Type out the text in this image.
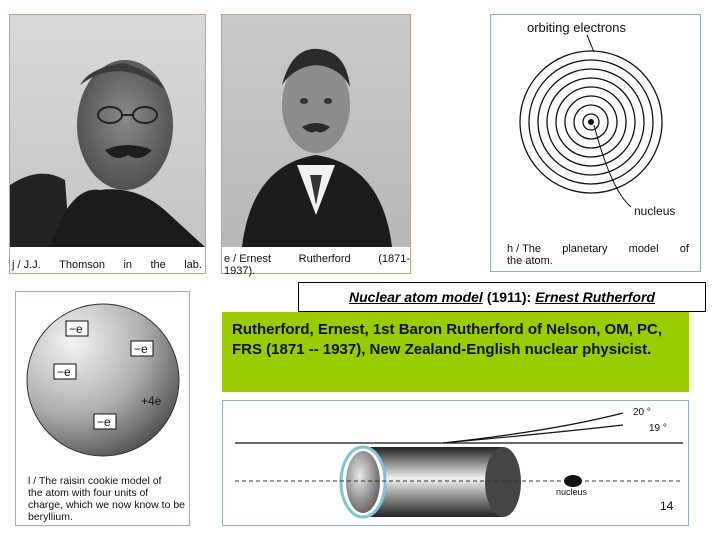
j / J.J. Thomson in the lab. e / Ernest	Rutherford	(1871-
1937).
orbiting electrons
nucleus
h / The planetary model of
the atom.
−e
−e
−e
−e
+4e
l / The raisin cookie model of
the atom with four units of
charge, which we now know to be
beryllium.
Nuclear atom model (1911): Ernest Rutherford
Rutherford, Ernest, 1st Baron Rutherford of Nelson, OM, PC, FRS (1871 -- 1937), New Zealand-English nuclear physicist.
20 °
19 °
nucleus
14
